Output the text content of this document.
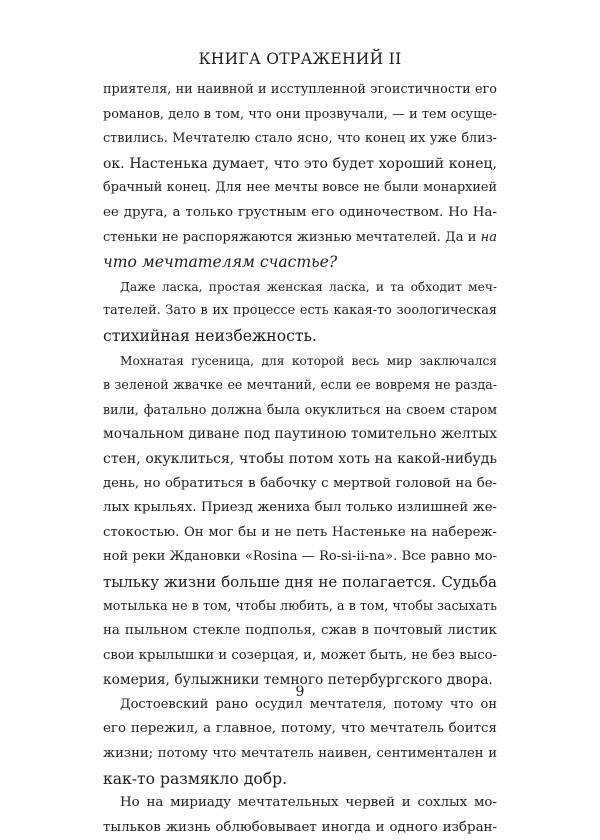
КНИГА ОТРАЖЕНИЙ II
приятеля, ни наивной и исступленной эгоистичности его
романов, дело в том, что они прозвучали, — и тем осуще-
ствились. Мечтателю стало ясно, что конец их уже близ-
ок. Настенька думает, что это будет хороший конец,
брачный конец. Для нее мечты вовсе не были монархией
ее друга, а только грустным его одиночеством. Но На-
стеньки не распоряжаются жизнью мечтателей. Да и на
что мечтателям счастье?
Даже ласка, простая женская ласка, и та обходит меч-
тателей. Зато в их процессе есть какая-то зоологическая
стихийная неизбежность.
Мохнатая гусеница, для которой весь мир заключался
в зеленой жвачке ее мечтаний, если ее вовремя не разда-
вили, фатально должна была окуклиться на своем старом
мочальном диване под паутиною томительно желтых
стен, окуклиться, чтобы потом хоть на какой-нибудь
день, но обратиться в бабочку с мертвой головой на бе-
лых крыльях. Приезд жениха был только излишней же-
стокостью. Он мог бы и не петь Настеньке на набереж-
ной реки Ждановки «Rosina — Ro-si-ii-na». Все равно мо-
тыльку жизни больше дня не полагается. Судьба
мотылька не в том, чтобы любить, а в том, чтобы засыхать
на пыльном стекле подполья, сжав в почтовый листик
свои крылышки и созерцая, и, может быть, не без высо-
комерия, булыжники темного петербургского двора.
Достоевский рано осудил мечтателя, потому что он
его пережил, а главное, потому, что мечтатель боится
жизни; потому что мечтатель наивен, сентиментален и
как-то размякло добр.
Но на мириаду мечтательных червей и сохлых мо-
тыльков жизнь облюбовывает иногда и одного избран-
9
